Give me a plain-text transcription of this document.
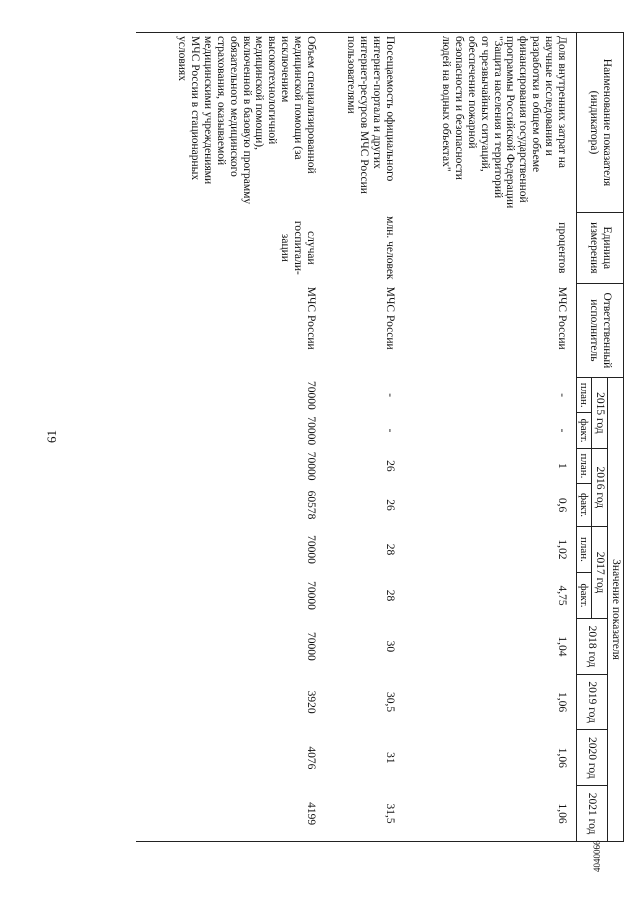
61
4040066
Наименование показателя (индикатора)	Единица измерения	Ответственный исполнитель	Значение показателя									
			2015 год		2016 год		2017 год		2018 год	2019 год	2020 год	2021 год
			план.	факт.	план.	факт.	план.	факт.				
Доля внутренних затрат на научные исследования и разработки в общем объеме финансирования государственной программы Российской Федерации "Защита населения и территорий от чрезвычайных ситуаций, обеспечение пожарной безопасности и безопасности людей на водных объектах"	процентов	МЧС России	-	-	1	0,6	1,02	4,75	1,04	1,06	1,06	1,06
Посещаемость официального интернет-портала и других интернет-ресурсов МЧС России пользователями	млн. человек	МЧС России	-	-	26	26	28	28	30	30,5	31	31,5
Объем специализированной медицинской помощи (за исключением высокотехнологичной медицинской помощи), включенной в базовую программу обязательного медицинского страхования, оказываемой медицинскими учреждениями МЧС России в стационарных условиях	случаи госпитали-зации	МЧС России	70000	70000	70000	60578	70000	70000	70000	3920	4076	4199
